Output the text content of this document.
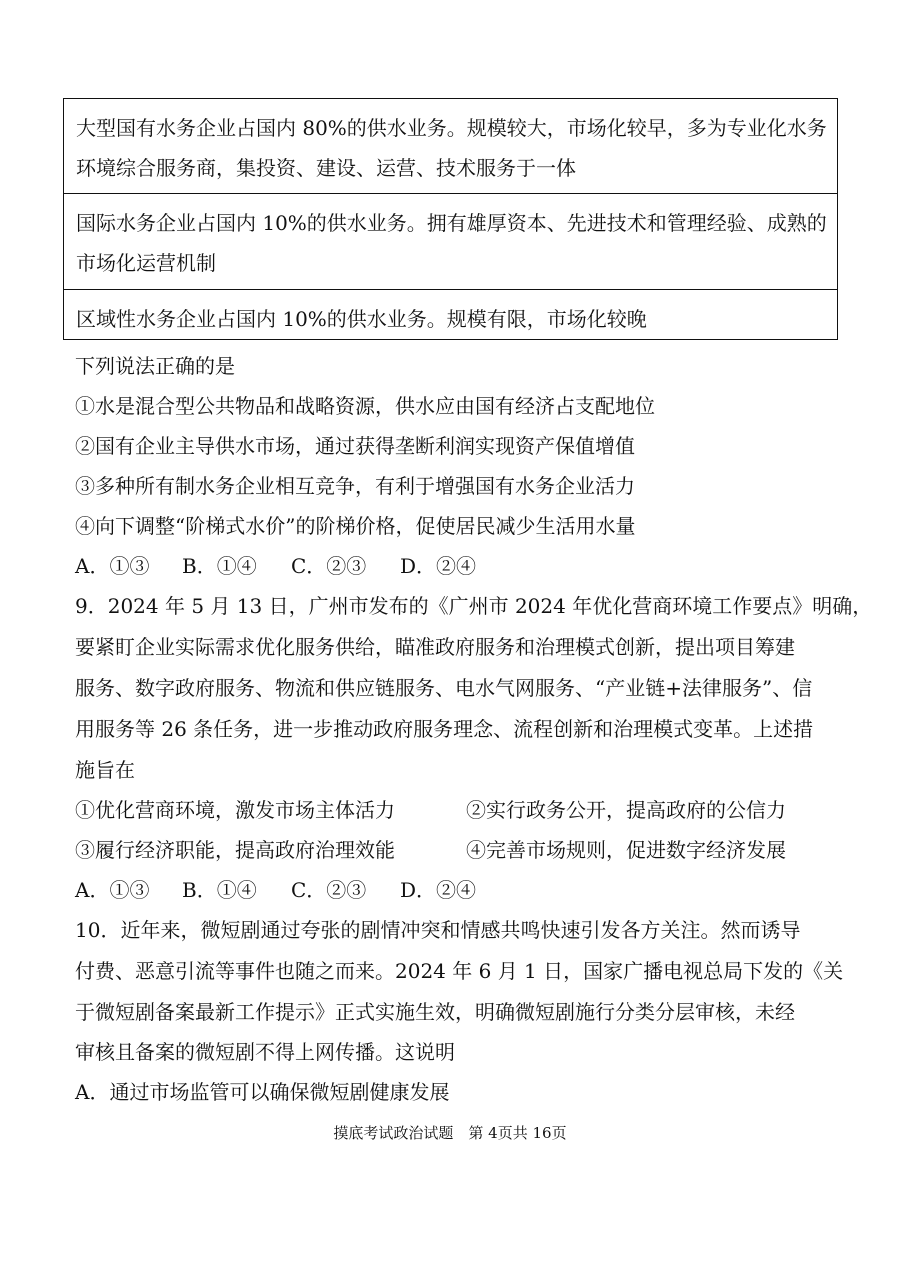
大型国有水务企业占国内 80%的供水业务。规模较大，市场化较早，多为专业化水务环境综合服务商，集投资、建设、运营、技术服务于一体
国际水务企业占国内 10%的供水业务。拥有雄厚资本、先进技术和管理经验、成熟的市场化运营机制
区域性水务企业占国内 10%的供水业务。规模有限，市场化较晚
下列说法正确的是
①水是混合型公共物品和战略资源，供水应由国有经济占支配地位
②国有企业主导供水市场，通过获得垄断利润实现资产保值增值
③多种所有制水务企业相互竞争，有利于增强国有水务企业活力
④向下调整“阶梯式水价”的阶梯价格，促使居民减少生活用水量
A．①③ B．①④ C．②③ D．②④
9．2024 年 5 月 13 日，广州市发布的《广州市 2024 年优化营商环境工作要点》明确，
要紧盯企业实际需求优化服务供给，瞄准政府服务和治理模式创新，提出项目筹建
服务、数字政府服务、物流和供应链服务、电水气网服务、“产业链+法律服务”、信
用服务等 26 条任务，进一步推动政府服务理念、流程创新和治理模式变革。上述措
施旨在
①优化营商环境，激发市场主体活力	②实行政务公开，提高政府的公信力
③履行经济职能，提高政府治理效能	④完善市场规则，促进数字经济发展
A．①③ B．①④ C．②③ D．②④
10．近年来，微短剧通过夸张的剧情冲突和情感共鸣快速引发各方关注。然而诱导
付费、恶意引流等事件也随之而来。2024 年 6 月 1 日，国家广播电视总局下发的《关
于微短剧备案最新工作提示》正式实施生效，明确微短剧施行分类分层审核，未经
审核且备案的微短剧不得上网传播。这说明
A．通过市场监管可以确保微短剧健康发展
摸底考试政治试题　第 4页共 16页
